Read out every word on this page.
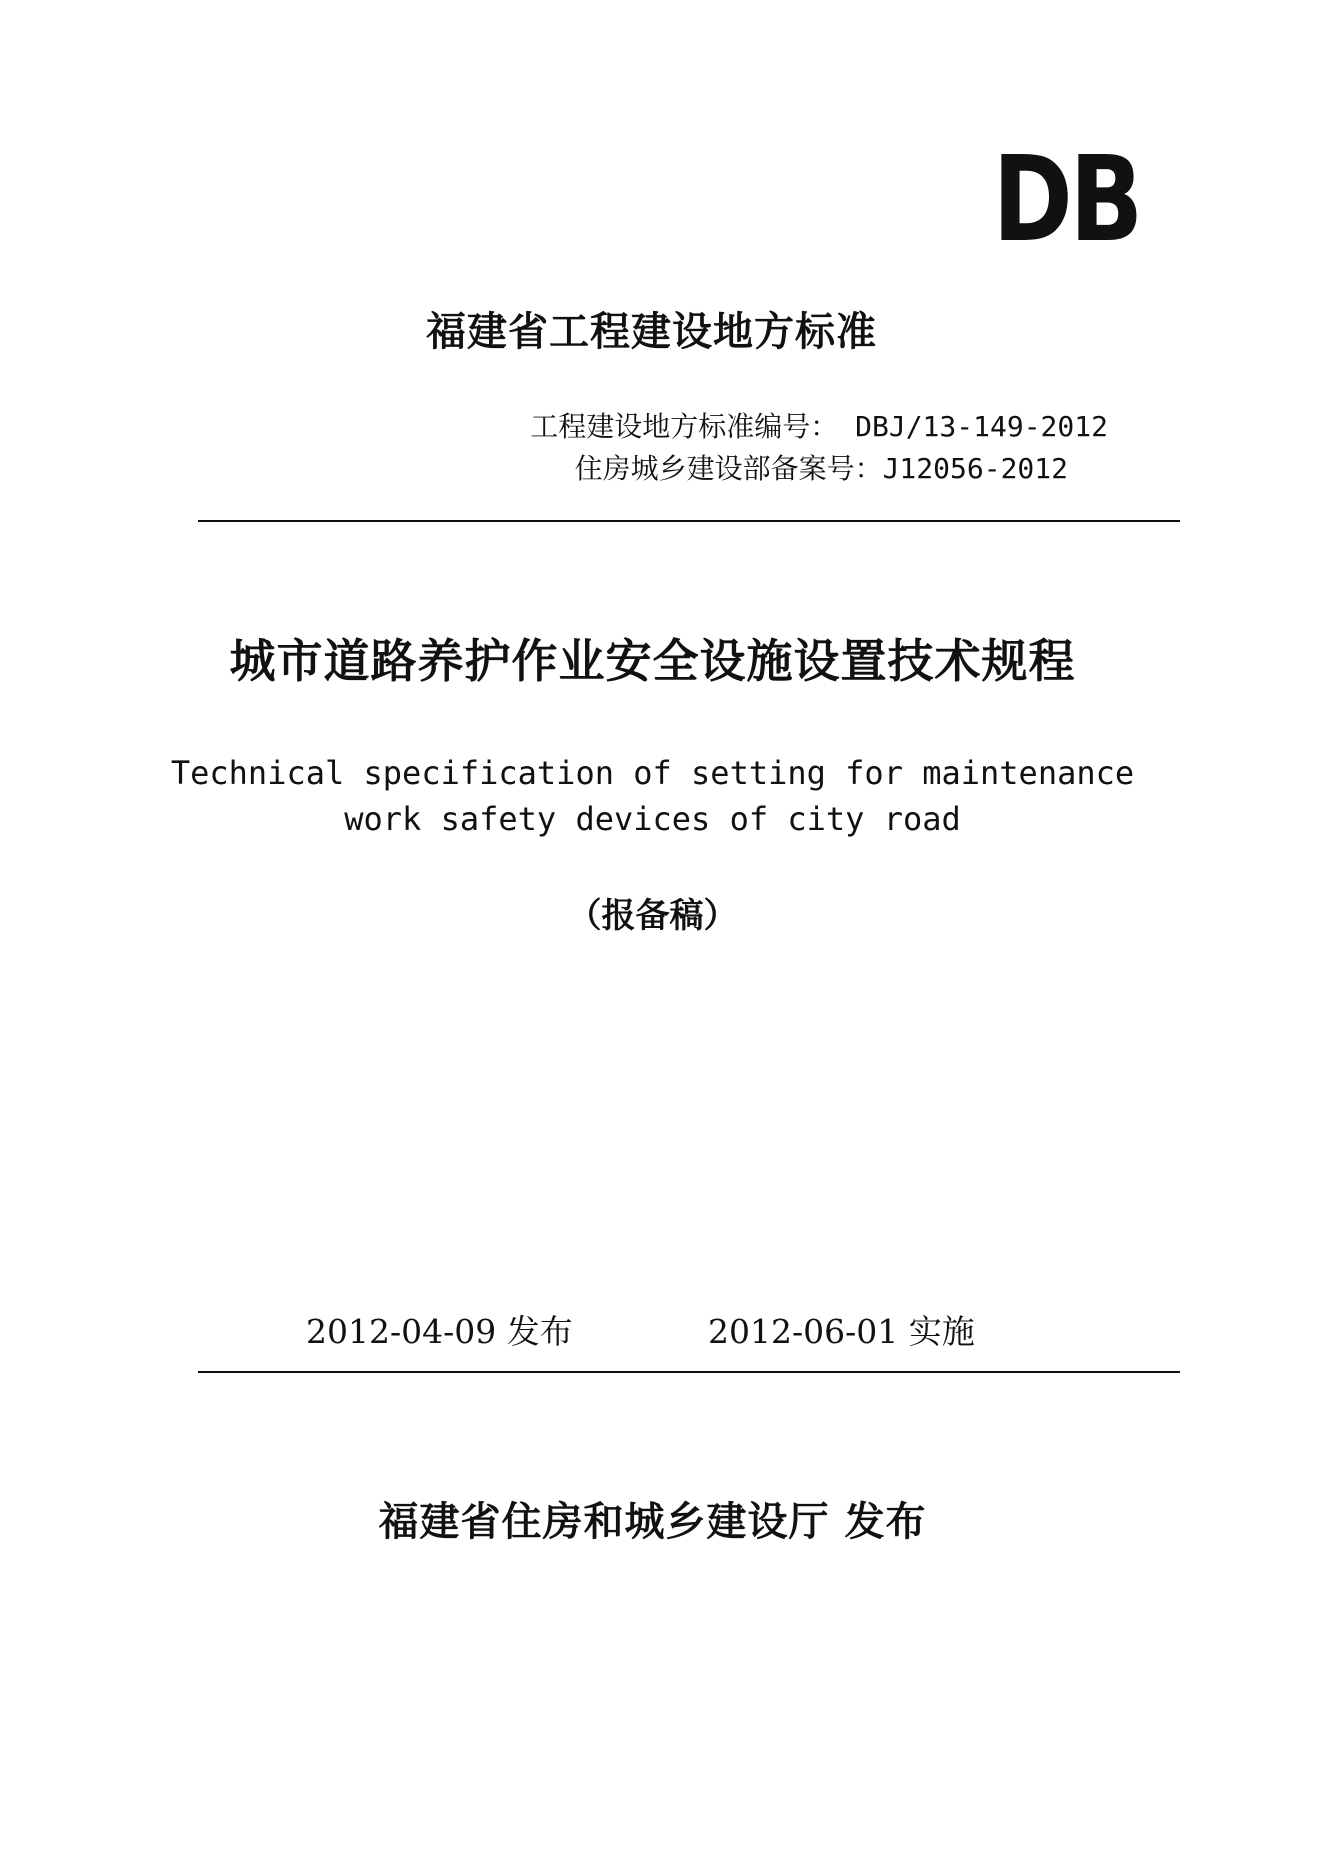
DB
福建省工程建设地方标准
工程建设地方标准编号： DBJ/13-149-2012
住房城乡建设部备案号：J12056-2012
城市道路养护作业安全设施设置技术规程
Technical specification of setting for maintenance
work safety devices of city road
（报备稿）
2012-04-09 发布	2012-06-01 实施
福建省住房和城乡建设厅 发布
